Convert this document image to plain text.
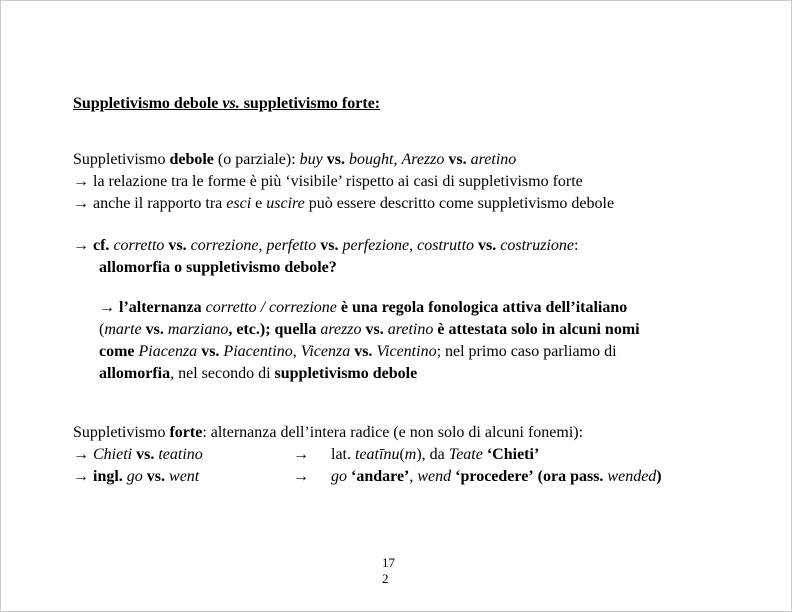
Suppletivismo debole vs. suppletivismo forte:
Suppletivismo debole (o parziale): buy vs. bought, Arezzo vs. aretino
→ la relazione tra le forme è più ‘visibile’ rispetto ai casi di suppletivismo forte
→ anche il rapporto tra esci e uscire può essere descritto come suppletivismo debole
→ cf. corretto vs. correzione, perfetto vs. perfezione, costrutto vs. costruzione:
allomorfia o suppletivismo debole?
→ l’alternanza corretto / correzione è una regola fonologica attiva dell’italiano
(marte vs. marziano, etc.); quella arezzo vs. aretino è attestata solo in alcuni nomi
come Piacenza vs. Piacentino, Vicenza vs. Vicentino; nel primo caso parliamo di
allomorfia, nel secondo di suppletivismo debole
Suppletivismo forte: alternanza dell’intera radice (e non solo di alcuni fonemi):
→ Chieti vs. teatino	→ lat. teatīnu(m), da Teate ‘Chieti’
→ ingl. go vs. went	→ go ‘andare’, wend ‘procedere’ (ora pass. wended)
17
2
